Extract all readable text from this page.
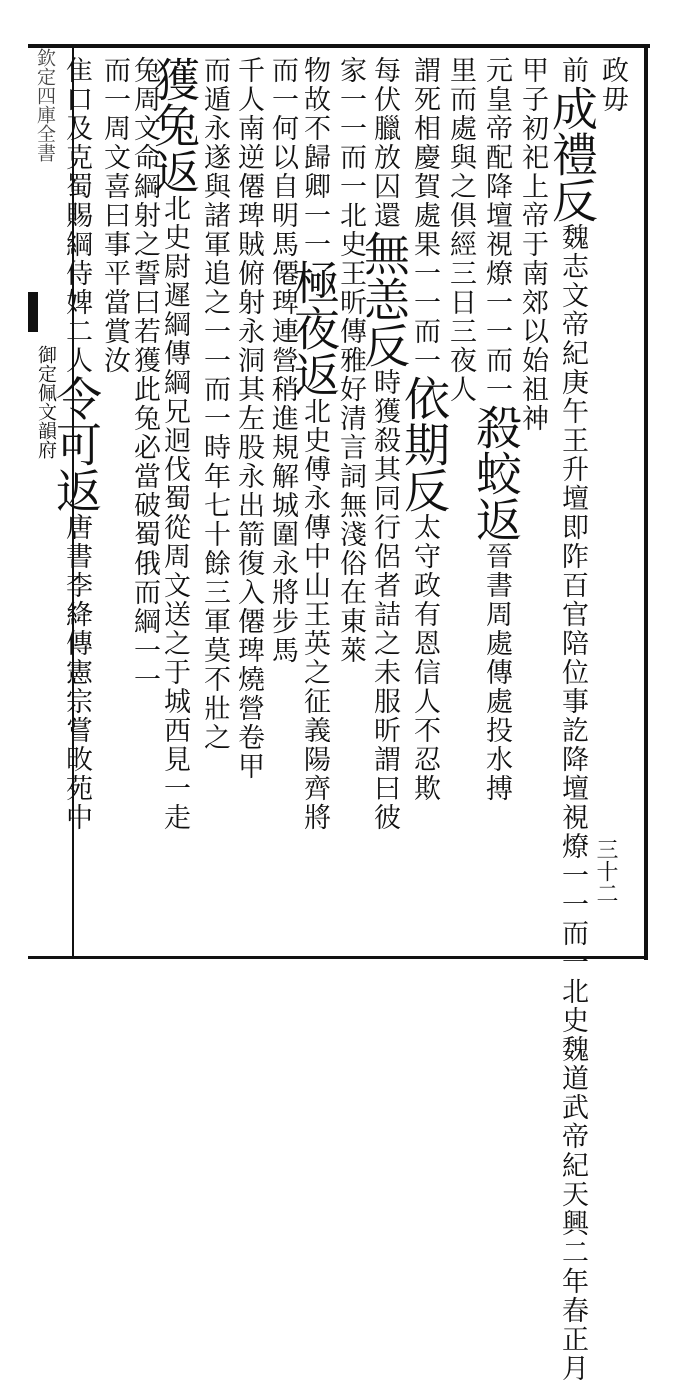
欽定四庫全書
御定佩文韻府
政毋
前成禮反魏志文帝紀庚午王升壇即阼百官陪位事訖降壇視燎一一而一北史魏道武帝紀天興二年春正月
甲子初祀上帝于南郊以始祖神
元皇帝配降壇視燎一一而一殺蛟返晉書周處傳處投水搏
里而處與之俱經三日三夜人
謂死相慶賀處果一一而一依期反太守政有恩信人不忍欺
每伏臘放囚還無恙反時獲殺其同行侶者詰之未服昕謂曰彼
家一一而一北史王昕傳雅好清言詞無淺俗在東萊
物故不歸卿一一極夜返北史傅永傳中山王英之征義陽齊將
而一何以自明馬僊琕連營稍進規解城圍永將步馬
千人南逆僊琕賊俯射永洞其左股永出箭復入僊琕燒營卷甲
而遁永遂與諸軍追之一一而一時年七十餘三軍莫不壯之
獲兔返北史尉遲綱傳綱兄迥伐蜀從周文送之于城西見一走
兔周文命綱射之誓曰若獲此兔必當破蜀俄而綱一一
而一周文喜曰事平當賞汝
隹口及克蜀賜綱侍婢二人令可返唐書李絳傳憲宗嘗畋苑中
三十二
